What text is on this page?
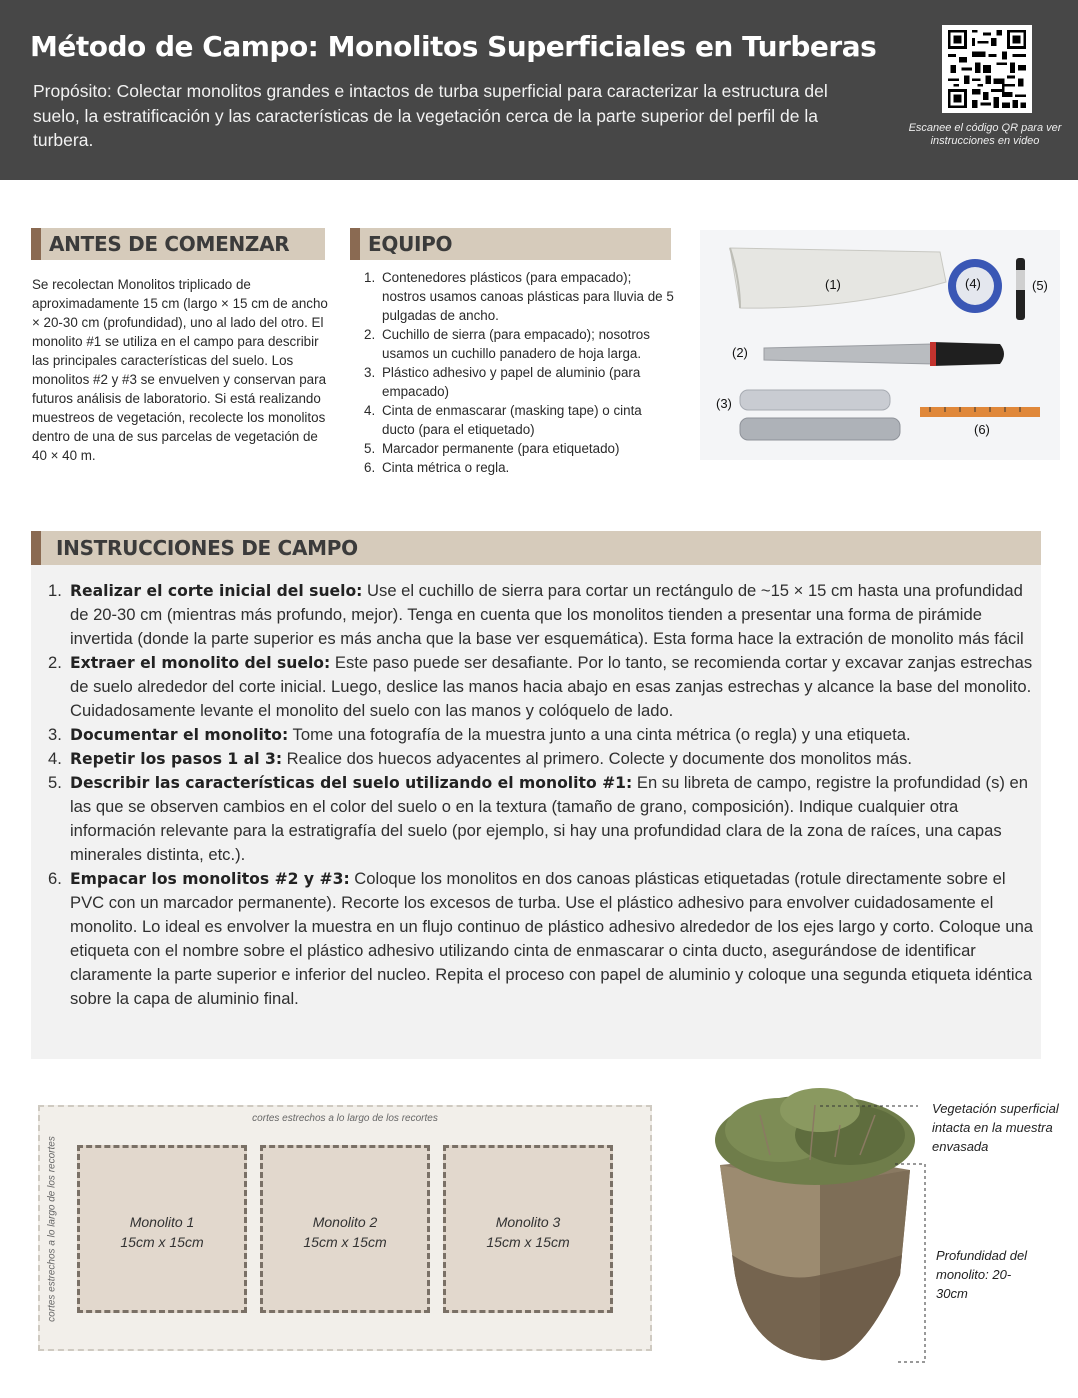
Método de Campo: Monolitos Superficiales en Turberas

Propósito: Colectar monolitos grandes e intactos de turba superficial para caracterizar la estructura del suelo, la estratificación y las características de la vegetación cerca de la parte superior del perfil de la turbera.

Escanee el código QR para ver instrucciones en video
ANTES DE COMENZAR

Se recolectan Monolitos triplicado de aproximadamente 15 cm (largo × 15 cm de ancho × 20-30 cm (profundidad), uno al lado del otro. El monolito #1 se utiliza en el campo para describir las principales características del suelo. Los monolitos #2 y #3 se envuelven y conservan para futuros análisis de laboratorio. Si está realizando muestreos de vegetación, recolecte los monolitos dentro de una de sus parcelas de vegetación de 40 × 40 m.

EQUIPO
1. Contenedores plásticos (para empacado); nostros usamos canoas plásticas para lluvia de 5 pulgadas de ancho.
2. Cuchillo de sierra (para empacado); nosotros usamos un cuchillo panadero de hoja larga.
3. Plástico adhesivo y papel de aluminio (para empacado)
4. Cinta de enmascarar (masking tape) o cinta ducto (para el etiquetado)
5. Marcador permanente (para etiquetado)
6. Cinta métrica o regla.
(1)
(2)
(3)
(4)	(5)
(6)
INSTRUCCIONES DE CAMPO
1. Realizar el corte inicial del suelo: Use el cuchillo de sierra para cortar un rectángulo de ~15 × 15 cm hasta una profundidad de 20-30 cm (mientras más profundo, mejor). Tenga en cuenta que los monolitos tienden a presentar una forma de pirámide invertida (donde la parte superior es más ancha que la base ver esquemática). Esta forma hace la extración de monolito más fácil
2. Extraer el monolito del suelo: Este paso puede ser desafiante. Por lo tanto, se recomienda cortar y excavar zanjas estrechas de suelo alrededor del corte inicial. Luego, deslice las manos hacia abajo en esas zanjas estrechas y alcance la base del monolito. Cuidadosamente levante el monolito del suelo con las manos y colóquelo de lado.
3. Documentar el monolito: Tome una fotografía de la muestra junto a una cinta métrica (o regla) y una etiqueta.
4. Repetir los pasos 1 al 3: Realice dos huecos adyacentes al primero. Colecte y documente dos monolitos más.
5. Describir las características del suelo utilizando el monolito #1: En su libreta de campo, registre la profundidad (s) en las que se observen cambios en el color del suelo o en la textura (tamaño de grano, composición). Indique cualquier otra información relevante para la estratigrafía del suelo (por ejemplo, si hay una profundidad clara de la zona de raíces, una capas minerales distinta, etc.).
6. Empacar los monolitos #2 y #3: Coloque los monolitos en dos canoas plásticas etiquetadas (rotule directamente sobre el PVC con un marcador permanente). Recorte los excesos de turba. Use el plástico adhesivo para envolver cuidadosamente el monolito. Lo ideal es envolver la muestra en un flujo continuo de plástico adhesivo alrededor de los ejes largo y corto. Coloque una etiqueta con el nombre sobre el plástico adhesivo utilizando cinta de enmascarar o cinta ducto, asegurándose de identificar claramente la parte superior e inferior del nucleo. Repita el proceso con papel de aluminio y coloque una segunda etiqueta idéntica sobre la capa de aluminio final.
cortes estrechos a lo largo de los recortes
cortes estrechos a lo largo de los recortes	Monolito 1
15cm x 15cm
Monolito 2
15cm x 15cm
Monolito 3
15cm x 15cm
Vegetación superficial intacta en la muestra envasada
Profundidad del monolito: 20-30cm
